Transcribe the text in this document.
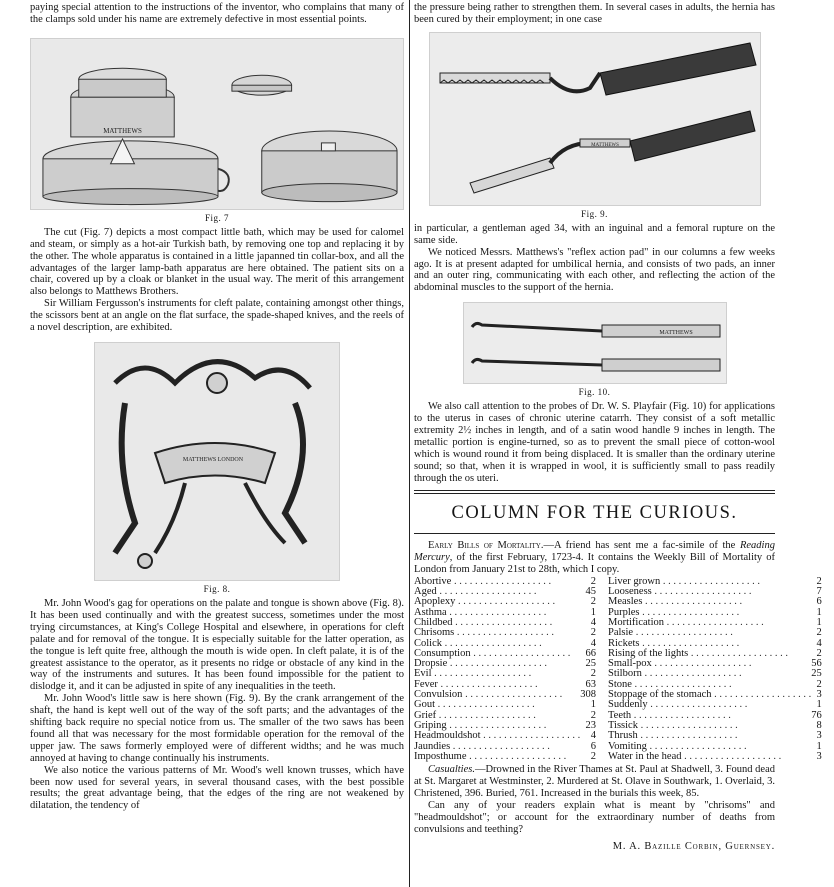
paying special attention to the instructions of the inventor, who complains that many of the clamps sold under his name are extremely defective in most essential points.

MATTHEWS
Fig. 7

The cut (Fig. 7) depicts a most compact little bath, which may be used for calomel and steam, or simply as a hot-air Turkish bath, by removing one top and replacing it by the other. The whole apparatus is contained in a little japanned tin collar-box, and all the advantages of the larger lamp-bath apparatus are here obtained. The patient sits on a chair, covered up by a cloak or blanket in the usual way. The merit of this arrangement also belongs to Matthews Brothers.

Sir William Fergusson's instruments for cleft palate, containing amongst other things, the scissors bent at an angle on the flat surface, the spade-shaped knives, and the reels of a novel description, are exhibited.

MATTHEWS LONDON
Fig. 8.

Mr. John Wood's gag for operations on the palate and tongue is shown above (Fig. 8). It has been used continually and with the greatest success, sometimes under the most trying circumstances, at King's College Hospital and elsewhere, in operations for cleft palate and for removal of the tongue. It is especially suitable for the latter operation, as the tongue is left quite free, although the mouth is wide open. In cleft palate, it is of the greatest assistance to the operator, as it presents no ridge or obstacle of any kind in the way of the instruments and sutures. It has been found impossible for the patient to dislodge it, and it can be adjusted in spite of any inequalities in the teeth.

Mr. John Wood's little saw is here shown (Fig. 9). By the crank arrangement of the shaft, the hand is kept well out of the way of the soft parts; and the advantages of the shifting back require no special notice from us. The smaller of the two saws has been found all that was necessary for the most formidable operation for the removal of the upper jaw. The saws formerly employed were of different widths; and he was much annoyed at having to change continually his instruments.

We also notice the various patterns of Mr. Wood's well known trusses, which have been now used for several years, in several thousand cases, with the best possible results; the great advantage being, that the edges of the ring are not weakened by dilatation, the tendency of

the pressure being rather to strengthen them. In several cases in adults, the hernia has been cured by their employment; in one case

MATTHEWS
Fig. 9.

in particular, a gentleman aged 34, with an inguinal and a femoral rupture on the same side.

We noticed Messrs. Matthews's "reflex action pad" in our columns a few weeks ago. It is at present adapted for umbilical hernia, and consists of two pads, an inner and an outer ring, communicating with each other, and reflecting the action of the abdominal muscles to the support of the hernia.

MATTHEWS
Fig. 10.

We also call attention to the probes of Dr. W. S. Playfair (Fig. 10) for applications to the uterus in cases of chronic uterine catarrh. They consist of a soft metallic extremity 2½ inches in length, and of a satin wood handle 9 inches in length. The metallic portion is engine-turned, so as to prevent the small piece of cotton-wool which is wound round it from being displaced. It is smaller than the ordinary uterine sound; so that, when it is wrapped in wool, it is sufficiently small to pass readily through the os uteri.

COLUMN FOR THE CURIOUS.

Early Bills of Mortality.—A friend has sent me a fac-simile of the Reading Mercury, of the first February, 1723-4. It contains the Weekly Bill of Mortality of London from January 21st to 28th, which I copy.

Abortive . . .	2	Liver grown . . .	2
Aged . . .	45	Looseness . . .	7
Apoplexy . . .	2	Measles . . .	6
Asthma . . .	1	Purples . . .	1
Childbed . . .	4	Mortification . . .	1
Chrisoms . . .	2	Palsie . . .	2
Colick . . .	4	Rickets . . .	4
Consumption . . .	66	Rising of the lights . . .	2
Dropsie . . .	25	Small-pox . . .	56
Evil . . .	2	Stilborn . . .	25
Fever . . .	63	Stone . . .	2
Convulsion . . .	308	Stoppage of the stomach . . .	3
Gout . . .	1	Suddenly . . .	1
Grief . . .	2	Teeth . . .	76
Griping . . .	23	Tissick . . .	8
Headmouldshot . . .	4	Thrush . . .	3
Jaundies . . .	6	Vomiting . . .	1
Imposthume . . .	2	Water in the head . . .	3

Casualties.—Drowned in the River Thames at St. Paul at Shadwell, 3. Found dead at St. Margaret at Westminster, 2. Murdered at St. Olave in Southwark, 1. Overlaid, 3. Christened, 396. Buried, 761. Increased in the burials this week, 85.

Can any of your readers explain what is meant by "chrisoms" and "headmouldshot"; or account for the extraordinary number of deaths from convulsions and teething?

M. A. Bazille Corbin, Guernsey.
